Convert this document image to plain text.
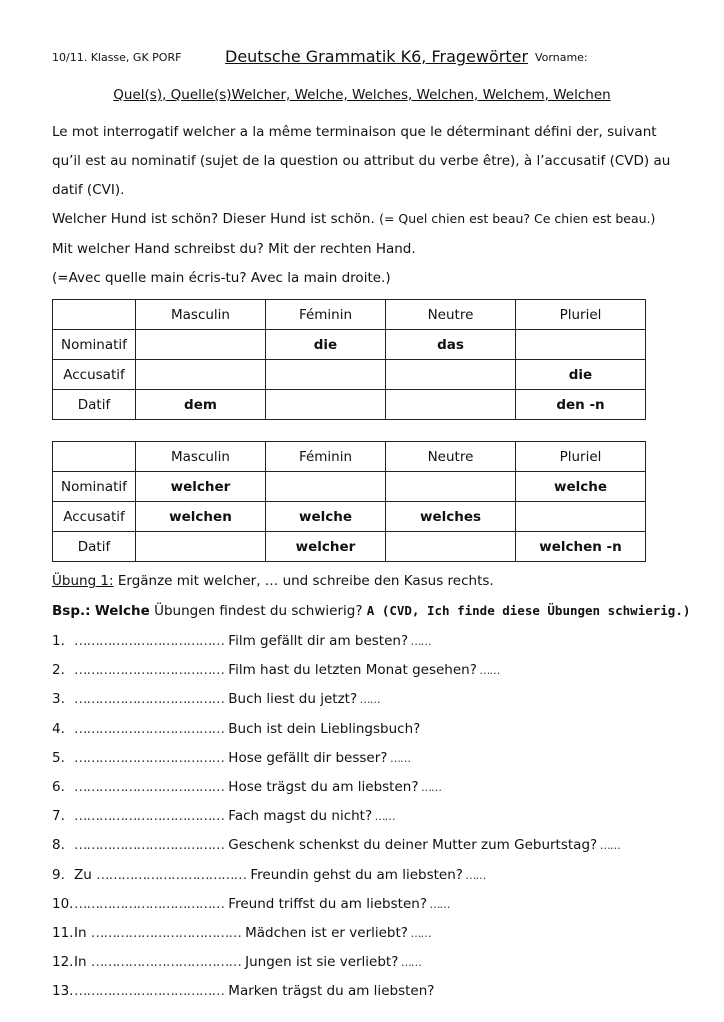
10/11. Klasse, GK PORF	Deutsche Grammatik K6, Fragewörter Vorname:
Quel(s), Quelle(s)Welcher, Welche, Welches, Welchen, Welchem, Welchen
Le mot interrogatif welcher a la même terminaison que le déterminant défini der, suivant
qu’il est au nominatif (sujet de la question ou attribut du verbe être), à l’accusatif (CVD) au
datif (CVI).
Welcher Hund ist schön? Dieser Hund ist schön. (= Quel chien est beau? Ce chien est beau.)
Mit welcher Hand schreibst du? Mit der rechten Hand.
(=Avec quelle main écris-tu? Avec la main droite.)
	Masculin	Féminin	Neutre	Pluriel
Nominatif		die	das	
Accusatif				die
Datif	dem			den -n
	Masculin	Féminin	Neutre	Pluriel
Nominatif	welcher			welche
Accusatif	welchen	welche	welches	
Datif		welcher		welchen -n
Übung 1: Ergänze mit welcher, … und schreibe den Kasus rechts.
Bsp.: Welche Übungen findest du schwierig? A (CVD, Ich finde diese Übungen schwierig.)
1. ……………………………… Film gefällt dir am besten? ……
2. ……………………………… Film hast du letzten Monat gesehen? ……
3. ……………………………… Buch liest du jetzt? ……
4. ……………………………… Buch ist dein Lieblingsbuch?
5. ……………………………… Hose gefällt dir besser? ……
6. ……………………………… Hose trägst du am liebsten? ……
7. ……………………………… Fach magst du nicht? ……
8. ……………………………… Geschenk schenkst du deiner Mutter zum Geburtstag? ……
9. Zu ……………………………… Freundin gehst du am liebsten? ……
10.……………………………… Freund triffst du am liebsten? ……
11.In ……………………………… Mädchen ist er verliebt? ……
12.In ……………………………… Jungen ist sie verliebt? ……
13.……………………………… Marken trägst du am liebsten?
